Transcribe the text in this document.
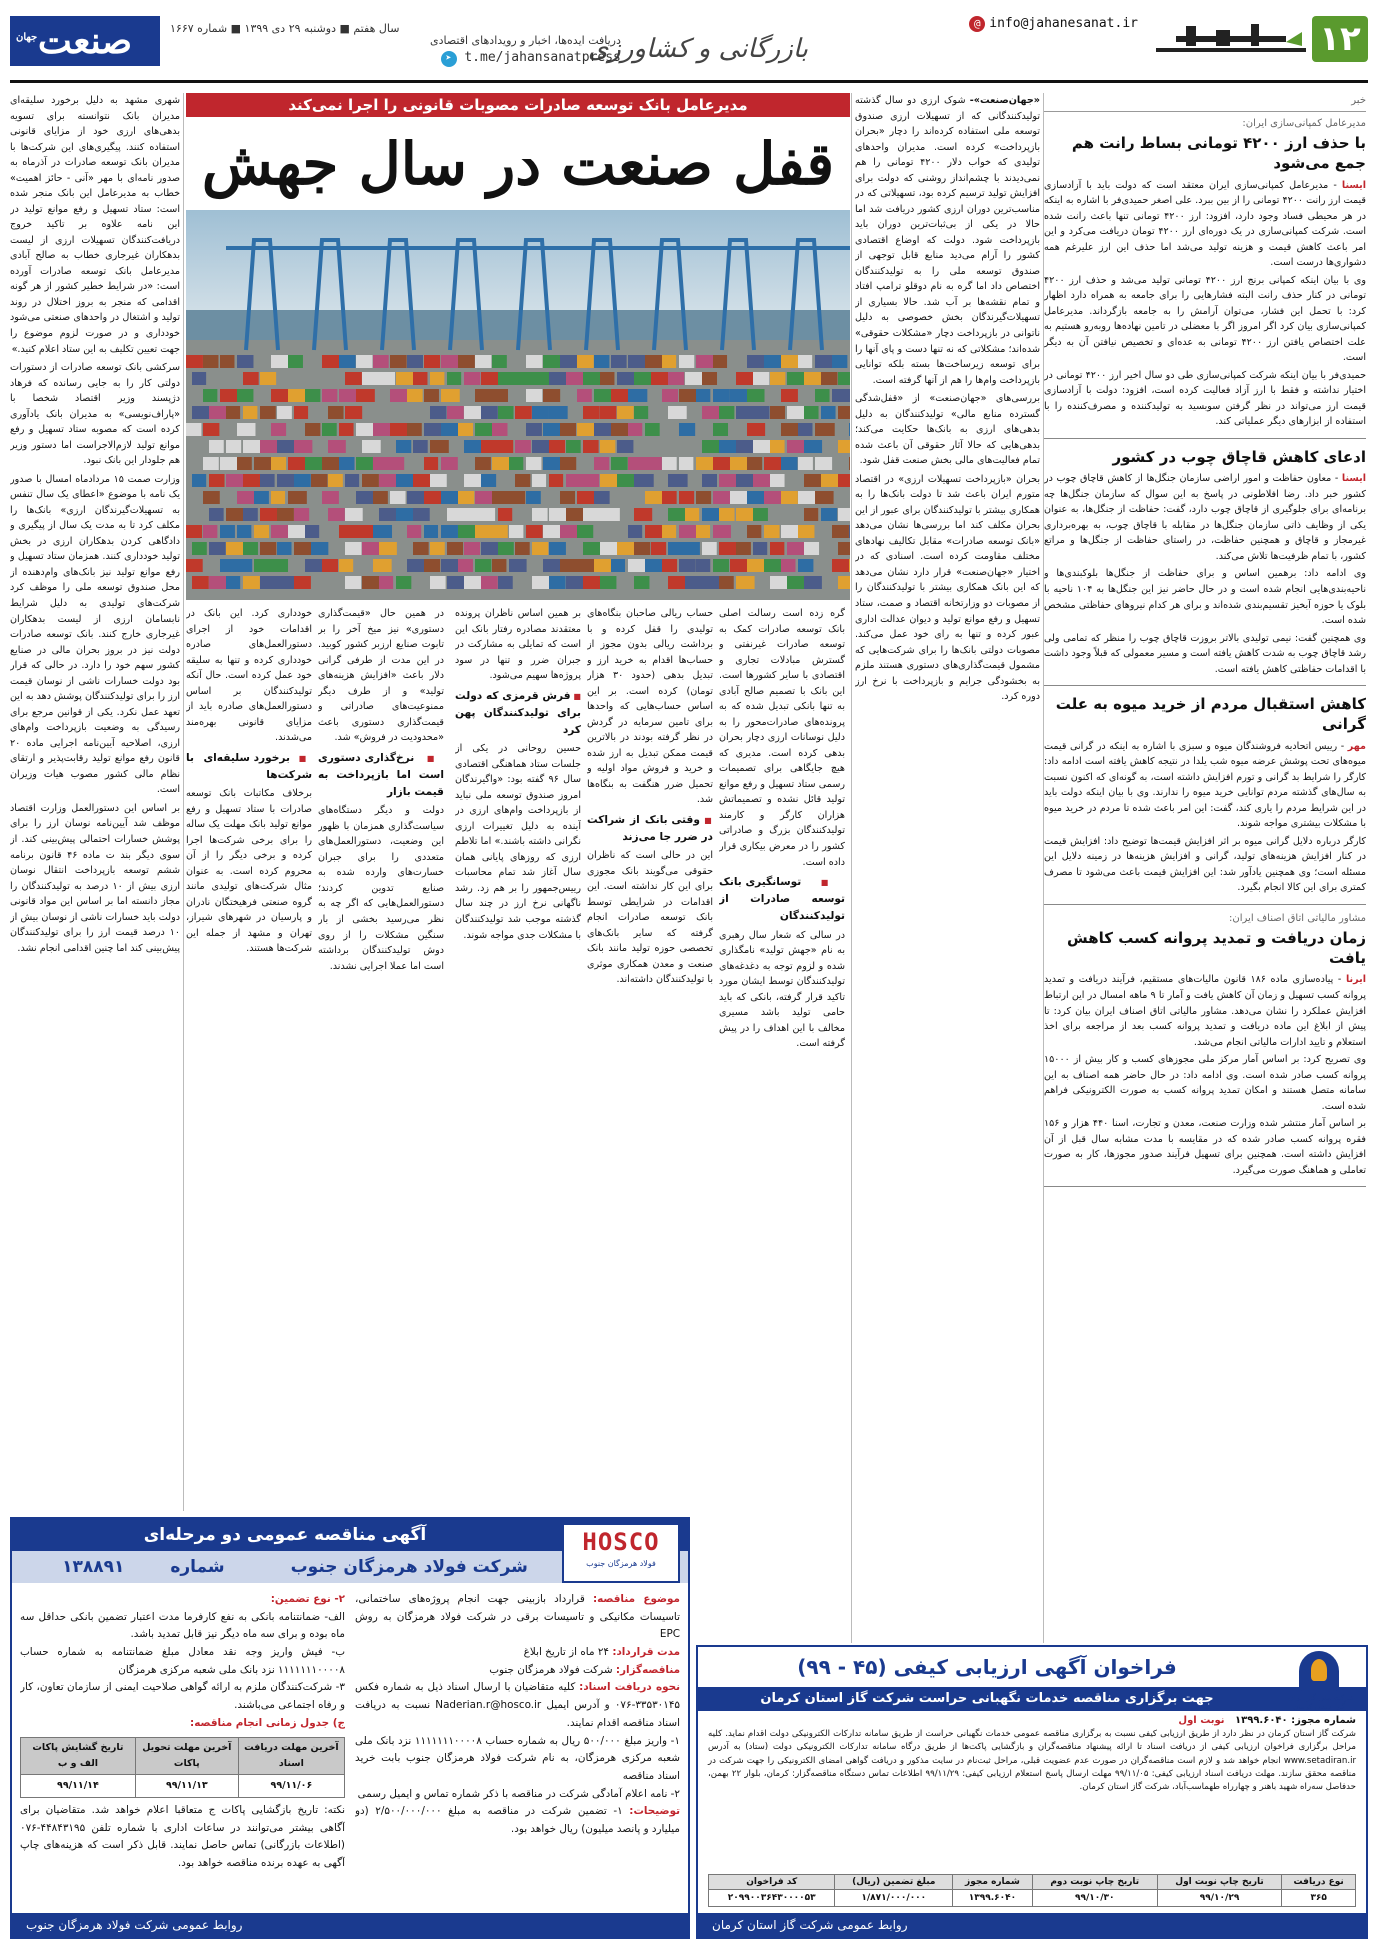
۱۲
@ info@jahanesanat.ir
بازرگانی و کشاورزی
دریافت ایده‌ها، اخبار و رویدادهای اقتصادی
➤ t.me/jahansanatpress
سال هفتم ■ دوشنبه ۲۹ دی ۱۳۹۹ ■ شماره ۱۶۶۷
صنعت
جهان
خبر
مدیرعامل کمپانی‌سازی ایران:
با حذف ارز ۴۲۰۰ تومانی بساط رانت هم جمع می‌شود

ایسنا - مدیرعامل کمپانی‌سازی ایران معتقد است که دولت باید با آزادسازی قیمت ارز رانت ۴۲۰۰ تومانی را از بین ببرد. علی اصغر حمیدی‌فر با اشاره به اینکه در هر محیطی فساد وجود دارد، افزود: ارز ۴۲۰۰ تومانی تنها باعث رانت شده است. شرکت کمپانی‌سازی در یک دوره‌ای ارز ۴۲۰۰ تومان دریافت می‌کرد و این امر باعث کاهش قیمت و هزینه تولید می‌شد اما حذف این ارز علیرغم همه دشواری‌ها درست است.

وی با بیان اینکه کمپانی برنج ارز ۴۲۰۰ تومانی تولید می‌شد و حذف ارز ۴۲۰۰ تومانی در کنار حذف رانت البته فشارهایی را برای جامعه به همراه دارد اظهار کرد: با تحمل این فشار، می‌توان آرامش را به جامعه بازگرداند. مدیرعامل کمپانی‌سازی بیان کرد اگر امروز اگر با معضلی در تامین نهاده‌ها روبه‌رو هستیم به علت اختصاص یافتن ارز ۴۲۰۰ تومانی به عده‌ای و تخصیص نیافتن آن به دیگر است.

حمیدی‌فر با بیان اینکه شرکت کمپانی‌سازی طی دو سال اخیر ارز ۴۲۰۰ تومانی در اختیار نداشته و فقط با ارز آزاد فعالیت کرده است، افزود: دولت با آزادسازی قیمت ارز می‌تواند در نظر گرفتن سوبسید به تولیدکننده و مصرف‌کننده را با استفاده از ابزارهای دیگر عملیاتی کند.

ادعای کاهش قاچاق چوب در کشور

ایسنا - معاون حفاظت و امور اراضی سازمان جنگل‌ها از کاهش قاچاق چوب در کشور خبر داد. رضا افلاطونی در پاسخ به این سوال که سازمان جنگل‌ها چه برنامه‌ای برای جلوگیری از قاچاق چوب دارد، گفت: حفاظت از جنگل‌ها، به عنوان یکی از وظایف ذاتی سازمان جنگل‌ها در مقابله با قاچاق چوب، به بهره‌برداری غیرمجاز و قاچاق و همچنین حفاظت، در راستای حفاظت از جنگل‌ها و مراتع کشور، با تمام ظرفیت‌ها تلاش می‌کند.

وی ادامه داد: برهمین اساس و برای حفاظت از جنگل‌ها بلوکبندی‌ها و ناحیه‌بندی‌هایی انجام شده است و در حال حاضر نیز این جنگل‌ها به ۱۰۴ ناحیه با بلوک یا حوزه آبخیز تقسیم‌بندی شده‌اند و برای هر کدام نیروهای حفاظتی مشخص شده است.

وی همچنین گفت: نیمی تولیدی بالاتر بروزت قاچاق چوب را منظر که تمامی ولی رشد قاچاق چوب به شدت کاهش یافته است و مسیر معمولی که قبلاً وجود داشت با اقدامات حفاظتی کاهش یافته است.

کاهش استقبال مردم از خرید میوه به علت گرانی

مهر - رییس اتحادیه فروشندگان میوه و سبزی با اشاره به اینکه در گرانی قیمت میوه‌های تحت پوشش عرضه میوه شب یلدا در نتیجه کاهش یافته است ادامه داد: کارگر را شرایط بد گرانی و تورم افزایش داشته است، به گونه‌ای که اکنون نسبت به سال‌های گذشته مردم توانایی خرید میوه را ندارند. وی با بیان اینکه دولت باید در این شرایط مردم را یاری کند، گفت: این امر باعث شده تا مردم در خرید میوه با مشکلات بیشتری مواجه شوند.

کارگر درباره دلایل گرانی میوه بر اثر افزایش قیمت‌ها توضیح داد: افزایش قیمت در کنار افزایش هزینه‌های تولید، گرانی و افزایش هزینه‌ها در زمینه دلایل این مسئله است؛ وی همچنین یادآور شد: این افزایش قیمت باعث می‌شود تا مصرف کمتری برای این کالا انجام بگیرد.

مشاور مالیاتی اتاق اصناف ایران:
زمان دریافت و تمدید پروانه کسب کاهش یافت

ایرنا - پیاده‌سازی ماده ۱۸۶ قانون مالیات‌های مستقیم، فرآیند دریافت و تمدید پروانه کسب تسهیل و زمان آن کاهش یافت و آمار تا ۹ ماهه امسال در این ارتباط افزایش عملکرد را نشان می‌دهد. مشاور مالیاتی اتاق اصناف ایران بیان کرد: تا پیش از ابلاغ این ماده دریافت و تمدید پروانه کسب بعد از مراجعه برای اخذ استعلام و تایید ادارات مالیاتی انجام می‌شد.

وی تصریح کرد: بر اساس آمار مرکز ملی مجوزهای کسب و کار بیش از ۱۵۰۰۰ پروانه کسب صادر شده است. وی ادامه داد: در حال حاضر همه اصناف به این سامانه متصل هستند و امکان تمدید پروانه کسب به صورت الکترونیکی فراهم شده است.

بر اساس آمار منتشر شده وزارت صنعت، معدن و تجارت، اسنا ۴۴۰ هزار و ۱۵۶ فقره پروانه کسب صادر شده که در مقایسه با مدت مشابه سال قبل از آن افزایش داشته است. همچنین برای تسهیل فرآیند صدور مجوزها، کار به صورت تعاملی و هماهنگ صورت می‌گیرد.

مدیرعامل بانک توسعه صادرات مصوبات قانونی را اجرا نمی‌کند
قفل صنعت در سال جهش

«جهان‌صنعت»- شوک ارزی دو سال گذشته تولیدکنندگانی که از تسهیلات ارزی صندوق توسعه ملی استفاده کرده‌اند را دچار «بحران بازپرداخت» کرده است. مدیران واحدهای تولیدی که خواب دلار ۴۲۰۰ تومانی را هم نمی‌دیدند با چشم‌انداز روشنی که دولت برای افزایش تولید ترسیم کرده بود، تسهیلاتی که در مناسب‌ترین دوران ارزی کشور دریافت شد اما حالا در یکی از بی‌ثبات‌ترین دوران باید بازپرداخت شود. دولت که اوضاع اقتصادی کشور را آرام می‌دید منابع قابل توجهی از صندوق توسعه ملی را به تولیدکنندگان اختصاص داد اما گره به نام دوقلو ترامپ افتاد و تمام نقشه‌ها بر آب شد. حالا بسیاری از تسهیلات‌گیرندگان بخش خصوصی به دلیل ناتوانی در بازپرداخت دچار «مشکلات حقوقی» شده‌اند؛ مشکلاتی که نه تنها دست و پای آنها را برای توسعه زیرساخت‌ها بسته بلکه توانایی بازپرداخت وام‌ها را هم از آنها گرفته است.

بررسی‌های «جهان‌صنعت» از «قفل‌شدگی گسترده منابع مالی» تولیدکنندگان به دلیل بدهی‌های ارزی به بانک‌ها حکایت می‌کند؛ بدهی‌هایی که حالا آثار حقوقی آن باعث شده تمام فعالیت‌های مالی بخش صنعت قفل شود.

بحران «بازپرداخت تسهیلات ارزی» در اقتصاد متورم ایران باعث شد تا دولت بانک‌ها را به همکاری بیشتر با تولیدکنندگان برای عبور از این بحران مکلف کند اما بررسی‌ها نشان می‌دهد «بانک توسعه صادرات» مقابل تکالیف نهادهای مختلف مقاومت کرده است. اسنادی که در اختیار «جهان‌صنعت» قرار دارد نشان می‌دهد که این بانک همکاری بیشتر با تولیدکنندگان را از مصوبات دو وزارتخانه اقتصاد و صمت، ستاد تسهیل و رفع موانع تولید و دیوان عدالت اداری عبور کرده و تنها به رای خود عمل می‌کند. مصوبات دولتی بانک‌ها را برای شرکت‌هایی که مشمول قیمت‌گذاری‌های دستوری هستند ملزم به بخشودگی جرایم و بازپرداخت با نرخ ارز دوره کرد.

شهری مشهد به دلیل برخورد سلیقه‌ای مدیران بانک نتوانسته برای تسویه بدهی‌های ارزی خود از مزایای قانونی استفاده کنند. پیگیری‌های این شرکت‌ها با مدیران بانک توسعه صادرات در آذرماه به صدور نامه‌ای با مهر «آنی - حائز اهمیت» خطاب به مدیرعامل این بانک منجر شده است: ستاد تسهیل و رفع موانع تولید در این نامه علاوه بر تاکید خروج دریافت‌کنندگان تسهیلات ارزی از لیست بدهکاران غیرجاری خطاب به صالح آبادی مدیرعامل بانک توسعه صادرات آورده است: «در شرایط خطیر کشور از هر گونه اقدامی که منجر به بروز اختلال در روند تولید و اشتغال در واحدهای صنعتی می‌شود خودداری و در صورت لزوم موضوع را جهت تعیین تکلیف به این ستاد اعلام کنید.»

سرکشی بانک توسعه صادرات از دستورات دولتی کار را به جایی رسانده که فرهاد دژپسند وزیر اقتصاد شخصا با «پاراف‌نویسی» به مدیران بانک یادآوری کرده است که مصوبه ستاد تسهیل و رفع موانع تولید لازم‌الاجراست اما دستور وزیر هم جلودار این بانک نبود.

وزارت صمت ۱۵ مردادماه امسال با صدور یک نامه با موضوع «اعطای یک سال تنفس به تسهیلات‌گیرندگان ارزی» بانک‌ها را مکلف کرد تا به مدت یک سال از پیگیری و دادگاهی کردن بدهکاران ارزی در بخش تولید خودداری کنند. همزمان ستاد تسهیل و رفع موانع تولید نیز بانک‌های وام‌دهنده از محل صندوق توسعه ملی را موظف کرد شرکت‌های تولیدی به دلیل شرایط نابسامان ارزی از لیست بدهکاران غیرجاری خارج کنند. بانک توسعه صادرات دولت نیز در بروز بحران مالی در صنایع کشور سهم خود را دارد. در حالی که قرار بود دولت خسارات ناشی از نوسان قیمت ارز را برای تولیدکنندگان پوشش دهد به این تعهد عمل نکرد. یکی از قوانین مرجع برای رسیدگی به وضعیت بازپرداخت وام‌های ارزی، اصلاحیه آیین‌نامه اجرایی ماده ۲۰ قانون رفع موانع تولید رقابت‌پذیر و ارتقای نظام مالی کشور مصوب هیات وزیران است.

بر اساس این دستورالعمل وزارت اقتصاد موظف شد آیین‌نامه نوسان ارز را برای پوشش خسارات احتمالی پیش‌بینی کند. از سوی دیگر بند ت ماده ۴۶ قانون برنامه ششم توسعه بازپرداخت انتقال نوسان ارزی بیش از ۱۰ درصد به تولیدکنندگان را مجاز دانسته اما بر اساس این مواد قانونی دولت باید خسارات ناشی از نوسان بیش از ۱۰ درصد قیمت ارز را برای تولیدکنندگان پیش‌بینی کند اما چنین اقدامی انجام نشد.

گره زده است رسالت اصلی بانک توسعه صادرات کمک به توسعه صادرات غیرنفتی و گسترش مبادلات تجاری و اقتصادی با سایر کشورها است. این بانک با تصمیم صالح آبادی به تنها بانکی تبدیل شده که به پرونده‌های صادرات‌محور را به دلیل نوسانات ارزی دچار بحران بدهی کرده است. مدیری که هیچ جایگاهی برای تصمیمات رسمی ستاد تسهیل و رفع موانع تولید قائل نشده و تصمیماتش هزاران کارگر و کارمند تولیدکنندگان بزرگ و صادراتی کشور را در معرض بیکاری قرار داده است.

■ توسانگیری بانک توسعه صادرات از تولیدکنندگان

در سالی که شعار سال رهبری به نام «جهش تولید» نامگذاری شده و لزوم توجه به دغدغه‌های تولیدکنندگان توسط ایشان مورد تاکید قرار گرفته، بانکی که باید حامی تولید باشد مسیری مخالف با این اهداف را در پیش گرفته است.

حساب ریالی صاحبان بنگاه‌های تولیدی را قفل کرده و با برداشت ریالی بدون مجوز از حساب‌ها اقدام به خرید ارز و تبدیل بدهی (حدود ۳۰ هزار تومان) کرده است. بر این اساس حساب‌هایی که واحدها برای تامین سرمایه در گردش در نظر گرفته بودند در بالاترین قیمت ممکن تبدیل به ارز شده و خرید و فروش مواد اولیه و تحمیل ضرر هنگفت به بنگاه‌ها شد.

■ وقتی بانک از شراکت در ضرر جا می‌زند

این در حالی است که ناظران حقوقی می‌گویند بانک مجوزی برای این کار نداشته است. این اقدامات در شرایطی توسط بانک توسعه صادرات انجام گرفته که سایر بانک‌های تخصصی حوزه تولید مانند بانک صنعت و معدن همکاری موثری با تولیدکنندگان داشته‌اند.

بر همین اساس ناظران پرونده معتقدند مصادره رفتار بانک این است که تمایلی به مشارکت در جبران ضرر و تنها در سود پروژه‌ها سهیم می‌شود.

■ فرش قرمزی که دولت برای تولیدکنندگان پهن کرد

حسین روحانی در یکی از جلسات ستاد هماهنگی اقتصادی سال ۹۶ گفته بود: «واگیرندگان امروز صندوق توسعه ملی نباید از بازپرداخت وام‌های ارزی در آینده به دلیل تغییرات ارزی نگرانی داشته باشند.» اما تلاطم ارزی که روزهای پایانی همان سال آغاز شد تمام محاسبات رییس‌جمهور را بر هم زد. رشد ناگهانی نرخ ارز در چند سال گذشته موجب شد تولیدکنندگان با مشکلات جدی مواجه شوند.

در همین حال «قیمت‌گذاری دستوری» نیز میخ آخر را بر تابوت صنایع ارزبر کشور کوبید. در این مدت از طرفی گرانی دلار باعث «افزایش هزینه‌های تولید» و از طرف دیگر ممنوعیت‌های صادراتی و قیمت‌گذاری دستوری باعث «محدودیت در فروش» شد.

■ نرخ‌گذاری دستوری است اما بازپرداخت به قیمت بازار

دولت و دیگر دستگاه‌های سیاست‌گذاری همزمان با ظهور این وضعیت، دستورالعمل‌های متعددی را برای جبران خسارت‌های وارده شده به صنایع تدوین کردند؛ دستورالعمل‌هایی که اگر چه به نظر می‌رسید بخشی از بار سنگین مشکلات را از روی دوش تولیدکنندگان برداشته است اما عملا اجرایی نشدند.

خودداری کرد. این بانک در اقدامات خود از اجرای دستورالعمل‌های صادره خودداری کرده و تنها به سلیقه خود عمل کرده است. حال آنکه تولیدکنندگان بر اساس دستورالعمل‌های صادره باید از مزایای قانونی بهره‌مند می‌شدند.

■ برخورد سلیقه‌ای با شرکت‌ها

برخلاف مکاتبات بانک توسعه صادرات با ستاد تسهیل و رفع موانع تولید بانک مهلت یک ساله را برای برخی شرکت‌ها اجرا کرده و برخی دیگر را از آن محروم کرده است. به عنوان مثال شرکت‌های تولیدی مانند گروه صنعتی فرهیختگان نادران و پارسیان در شهرهای شیراز، تهران و مشهد از جمله این شرکت‌ها هستند.

HOSCO
فولاد هرمزگان جنوب
آگهی مناقصه عمومی دو مرحله‌ای
شرکت فولاد هرمزگان جنوب شماره ۱۳۸۸۹۱

موضوع مناقصه: قرارداد بازبینی جهت انجام پروژه‌های ساختمانی، تاسیسات مکانیکی و تاسیسات برقی در شرکت فولاد هرمزگان به روش EPC

مدت قرارداد: ۲۴ ماه از تاریخ ابلاغ

مناقصه‌گزار: شرکت فولاد هرمزگان جنوب

نحوه دریافت اسناد: کلیه متقاضیان با ارسال اسناد ذیل به شماره فکس ۳۳۵۳۰۱۴۵-۰۷۶ و آدرس ایمیل Naderian.r@hosco.ir نسبت به دریافت اسناد مناقصه اقدام نمایند.

۱- واریز مبلغ ۵۰۰/۰۰۰ ریال به شماره حساب ۱۱۱۱۱۱۱۰۰۰۰۸ نزد بانک ملی شعبه مرکزی هرمزگان، به نام شرکت فولاد هرمزگان جنوب بابت خرید اسناد مناقصه

۲- نامه اعلام آمادگی شرکت در مناقصه با ذکر شماره تماس و ایمیل رسمی

توضیحات: ۱- تضمین شرکت در مناقصه به مبلغ ۲/۵۰۰/۰۰۰/۰۰۰ (دو میلیارد و پانصد میلیون) ریال خواهد بود.

۲- نوع تضمین:

الف- ضمانتنامه بانکی به نفع کارفرما مدت اعتبار تضمین بانکی حداقل سه ماه بوده و برای سه ماه دیگر نیز قابل تمدید باشد.

ب- فیش واریز وجه نقد معادل مبلغ ضمانتنامه به شماره حساب ۱۱۱۱۱۱۱۰۰۰۰۸ نزد بانک ملی شعبه مرکزی هرمزگان

۳- شرکت‌کنندگان ملزم به ارائه گواهی صلاحیت ایمنی از سازمان تعاون، کار و رفاه اجتماعی می‌باشند.

ج) جدول زمانی انجام مناقصه:

آخرین مهلت دریافت اسناد	آخرین مهلت تحویل پاکات	تاریخ گشایش پاکات الف و ب
۹۹/۱۱/۰۶	۹۹/۱۱/۱۳	۹۹/۱۱/۱۴

نکته: تاریخ بازگشایی پاکات ج متعاقبا اعلام خواهد شد. متقاضیان برای آگاهی بیشتر می‌توانند در ساعات اداری با شماره تلفن ۴۴۸۴۳۱۹۵-۰۷۶ (اطلاعات بازرگانی) تماس حاصل نمایند. قابل ذکر است که هزینه‌های چاپ آگهی به عهده برنده مناقصه خواهد بود.

روابط عمومی شرکت فولاد هرمزگان جنوب
شرکت ملی گاز ایران - گاز استان کرمان
فراخوان آگهی ارزیابی کیفی (۴۵ - ۹۹)
جهت برگزاری مناقصه خدمات نگهبانی حراست شرکت گاز استان کرمان
شماره مجوز: ۱۳۹۹.۶۰۴۰   نوبت اول
شرکت گاز استان کرمان در نظر دارد از طریق ارزیابی کیفی نسبت به برگزاری مناقصه عمومی خدمات نگهبانی حراست از طریق سامانه تدارکات الکترونیکی دولت اقدام نماید. کلیه مراحل برگزاری فراخوان ارزیابی کیفی از دریافت اسناد تا ارائه پیشنهاد مناقصه‌گران و بازگشایی پاکت‌ها از طریق درگاه سامانه تدارکات الکترونیکی دولت (ستاد) به آدرس www.setadiran.ir انجام خواهد شد و لازم است مناقصه‌گران در صورت عدم عضویت قبلی، مراحل ثبت‌نام در سایت مذکور و دریافت گواهی امضای الکترونیکی را جهت شرکت در مناقصه محقق سازند. مهلت دریافت اسناد ارزیابی کیفی: ۹۹/۱۱/۰۵ مهلت ارسال پاسخ استعلام ارزیابی کیفی: ۹۹/۱۱/۲۹ اطلاعات تماس دستگاه مناقصه‌گزار: کرمان، بلوار ۲۲ بهمن، حدفاصل سه‌راه شهید باهنر و چهارراه طهماسب‌آباد، شرکت گاز استان کرمان.
نوع دریافت	تاریخ چاپ نوبت اول	تاریخ چاپ نوبت دوم	شماره مجوز	مبلغ تضمین (ریال)	کد فراخوان
۳۶۵	۹۹/۱۰/۲۹	۹۹/۱۰/۳۰	۱۳۹۹.۶۰۴۰	۱/۸۷۱/۰۰۰/۰۰۰	۲۰۹۹۰۰۳۶۴۳۰۰۰۰۵۳
روابط عمومی شرکت گاز استان کرمان
